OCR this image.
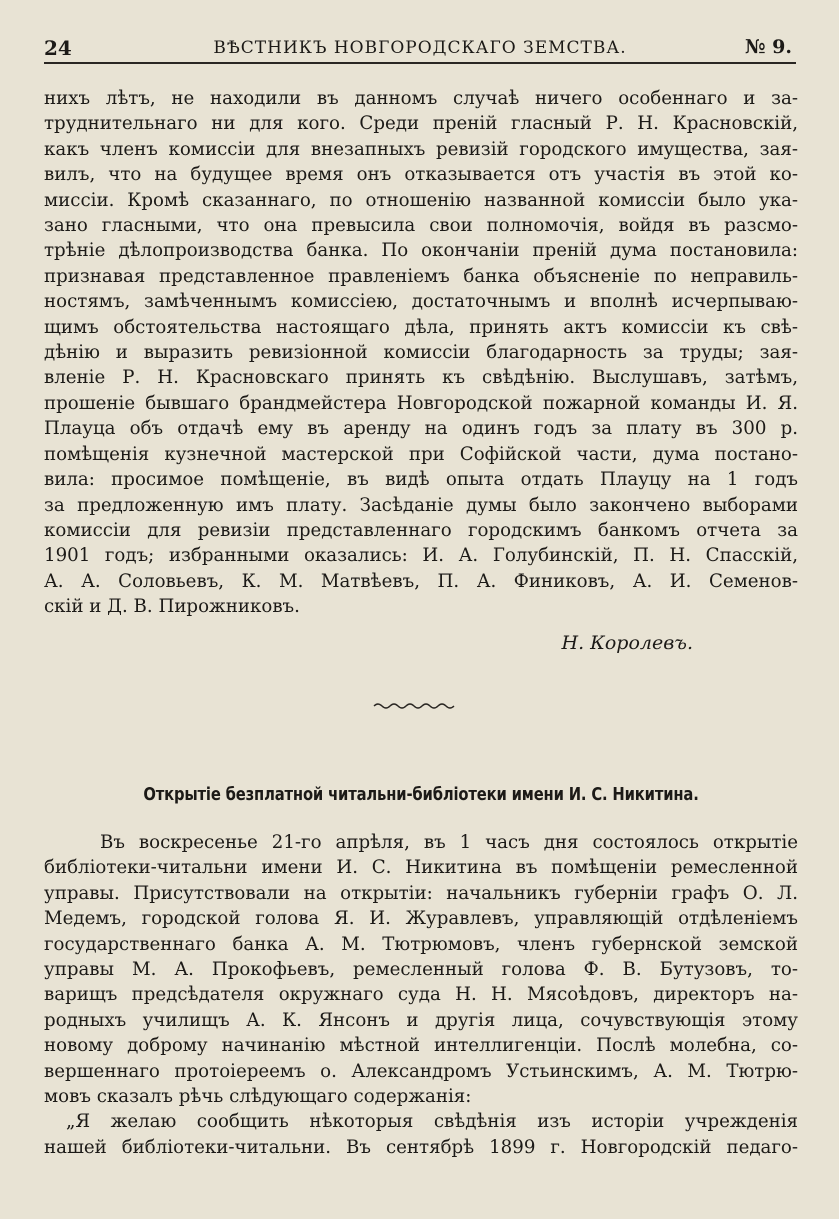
24	ВѢСТНИКЪ НОВГОРОДСКАГО ЗЕМСТВА.	№ 9.
нихъ лѣтъ, не находили въ данномъ случаѣ ничего особеннаго и за-
труднительнаго ни для кого. Среди преній гласный Р. Н. Красновскій,
какъ членъ комиссіи для внезапныхъ ревизій городского имущества, зая-
вилъ, что на будущее время онъ отказывается отъ участія въ этой ко-
миссіи. Кромѣ сказаннаго, по отношенію названной комиссіи было ука-
зано гласными, что она превысила свои полномочія, войдя въ разсмо-
трѣніе дѣлопроизводства банка. По окончаніи преній дума постановила:
признавая представленное правленіемъ банка объясненіе по неправиль-
ностямъ, замѣченнымъ комиссіею, достаточнымъ и вполнѣ исчерпываю-
щимъ обстоятельства настоящаго дѣла, принять актъ комиссіи къ свѣ-
дѣнію и выразить ревизіонной комиссіи благодарность за труды; зая-
вленіе Р. Н. Красновскаго принять къ свѣдѣнію. Выслушавъ, затѣмъ,
прошеніе бывшаго брандмейстера Новгородской пожарной команды И. Я.
Плауца объ отдачѣ ему въ аренду на одинъ годъ за плату въ 300 р.
помѣщенія кузнечной мастерской при Софійской части, дума постано-
вила: просимое помѣщеніе, въ видѣ опыта отдать Плауцу на 1 годъ
за предложенную имъ плату. Засѣданіе думы было закончено выборами
комиссіи для ревизіи представленнаго городскимъ банкомъ отчета за
1901 годъ; избранными оказались: И. А. Голубинскій, П. Н. Спасскій,
А. А. Соловьевъ, К. М. Матвѣевъ, П. А. Финиковъ, А. И. Семенов-
скій и Д. В. Пирожниковъ.
Н. Королевъ.
Открытіе безплатной читальни-библіотеки имени И. С. Никитина.
Въ воскресенье 21-го апрѣля, въ 1 часъ дня состоялось открытіе
библіотеки-читальни имени И. С. Никитина въ помѣщеніи ремесленной
управы. Присутствовали на открытіи: начальникъ губерніи графъ О. Л.
Медемъ, городской голова Я. И. Журавлевъ, управляющій отдѣленіемъ
государственнаго банка А. М. Тютрюмовъ, членъ губернской земской
управы М. А. Прокофьевъ, ремесленный голова Ф. В. Бутузовъ, то-
варищъ предсѣдателя окружнаго суда Н. Н. Мясоѣдовъ, директоръ на-
родныхъ училищъ А. К. Янсонъ и другія лица, сочувствующія этому
новому доброму начинанію мѣстной интеллигенціи. Послѣ молебна, со-
вершеннаго протоіереемъ о. Александромъ Устьинскимъ, А. М. Тютрю-
мовъ сказалъ рѣчь слѣдующаго содержанія:
„Я желаю сообщить нѣкоторыя свѣдѣнія изъ исторіи учрежденія
нашей библіотеки-читальни. Въ сентябрѣ 1899 г. Новгородскій педаго-
